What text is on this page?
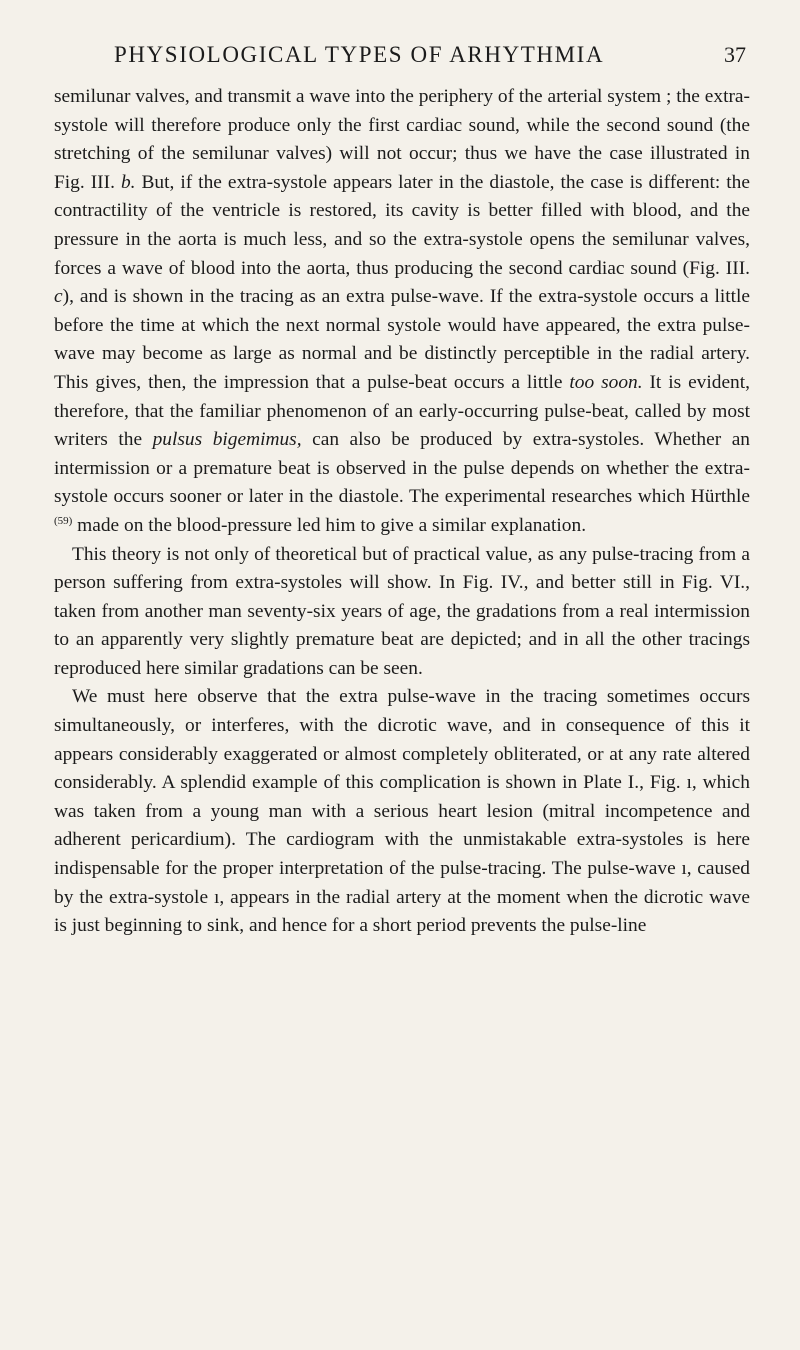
PHYSIOLOGICAL TYPES OF ARHYTHMIA	37

semilunar valves, and transmit a wave into the periphery of the arterial system ; the extra-systole will therefore produce only the first cardiac sound, while the second sound (the stretching of the semilunar valves) will not occur; thus we have the case illustrated in Fig. III. b. But, if the extra-systole appears later in the diastole, the case is different: the contractility of the ventricle is restored, its cavity is better filled with blood, and the pressure in the aorta is much less, and so the extra-systole opens the semilunar valves, forces a wave of blood into the aorta, thus producing the second cardiac sound (Fig. III. c), and is shown in the tracing as an extra pulse-wave. If the extra-systole occurs a little before the time at which the next normal systole would have appeared, the extra pulse-wave may become as large as normal and be distinctly perceptible in the radial artery. This gives, then, the impression that a pulse-beat occurs a little too soon. It is evident, therefore, that the familiar phenomenon of an early-occurring pulse-beat, called by most writers the pulsus bigemimus, can also be produced by extra-systoles. Whether an intermission or a premature beat is observed in the pulse depends on whether the extra-systole occurs sooner or later in the diastole. The experimental researches which Hürthle $^{(59)}$ made on the blood-pressure led him to give a similar explanation.

This theory is not only of theoretical but of practical value, as any pulse-tracing from a person suffering from extra-systoles will show. In Fig. IV., and better still in Fig. VI., taken from another man seventy-six years of age, the gradations from a real intermission to an apparently very slightly premature beat are depicted; and in all the other tracings reproduced here similar gradations can be seen.

We must here observe that the extra pulse-wave in the tracing sometimes occurs simultaneously, or interferes, with the dicrotic wave, and in consequence of this it appears considerably exaggerated or almost completely obliterated, or at any rate altered considerably. A splendid example of this complication is shown in Plate I., Fig. ı, which was taken from a young man with a serious heart lesion (mitral incompetence and adherent pericardium). The cardiogram with the unmistakable extra-systoles is here indispensable for the proper interpretation of the pulse-tracing. The pulse-wave ı, caused by the extra-systole ı, appears in the radial artery at the moment when the dicrotic wave is just beginning to sink, and hence for a short period prevents the pulse-line
